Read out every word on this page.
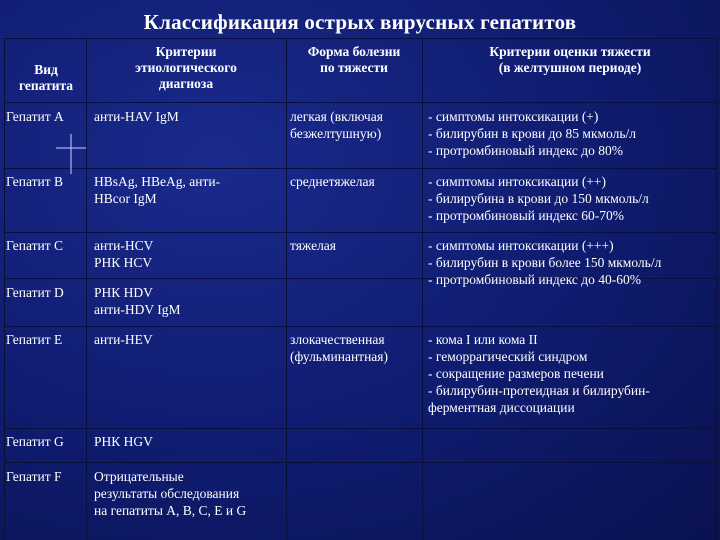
Классификация острых вирусных гепатитов
Вид
гепатита
Критерии
этиологического
диагноза
Форма болезни
по тяжести
Критерии оценки тяжести
(в желтушном периоде)
Гепатит А
Гепатит В
Гепатит С
Гепатит D
Гепатит Е
Гепатит G
Гепатит F
анти-HAV IgM
HBsAg, HBeAg, анти-
HBcor IgM
анти-HCV
РНК HCV
РНК HDV
анти-HDV IgM
анти-HEV
РНК HGV
Отрицательные
результаты обследования
на гепатиты А, В, С, Е и G
легкая (включая
безжелтушную)
среднетяжелая
тяжелая
злокачественная
(фульминантная)
- симптомы интоксикации (+)
- билирубин в крови до 85 мкмоль/л
- протромбиновый индекс до 80%
- симптомы интоксикации (++)
- билирубина в крови до 150 мкмоль/л
- протромбиновый индекс 60-70%
- симптомы интоксикации (+++)
- билирубин в крови более 150 мкмоль/л
- протромбиновый индекс до 40-60%
- кома I или кома II
- геморрагический синдром
- сокращение размеров печени
- билирубин-протеидная и билирубин-
ферментная диссоциации
